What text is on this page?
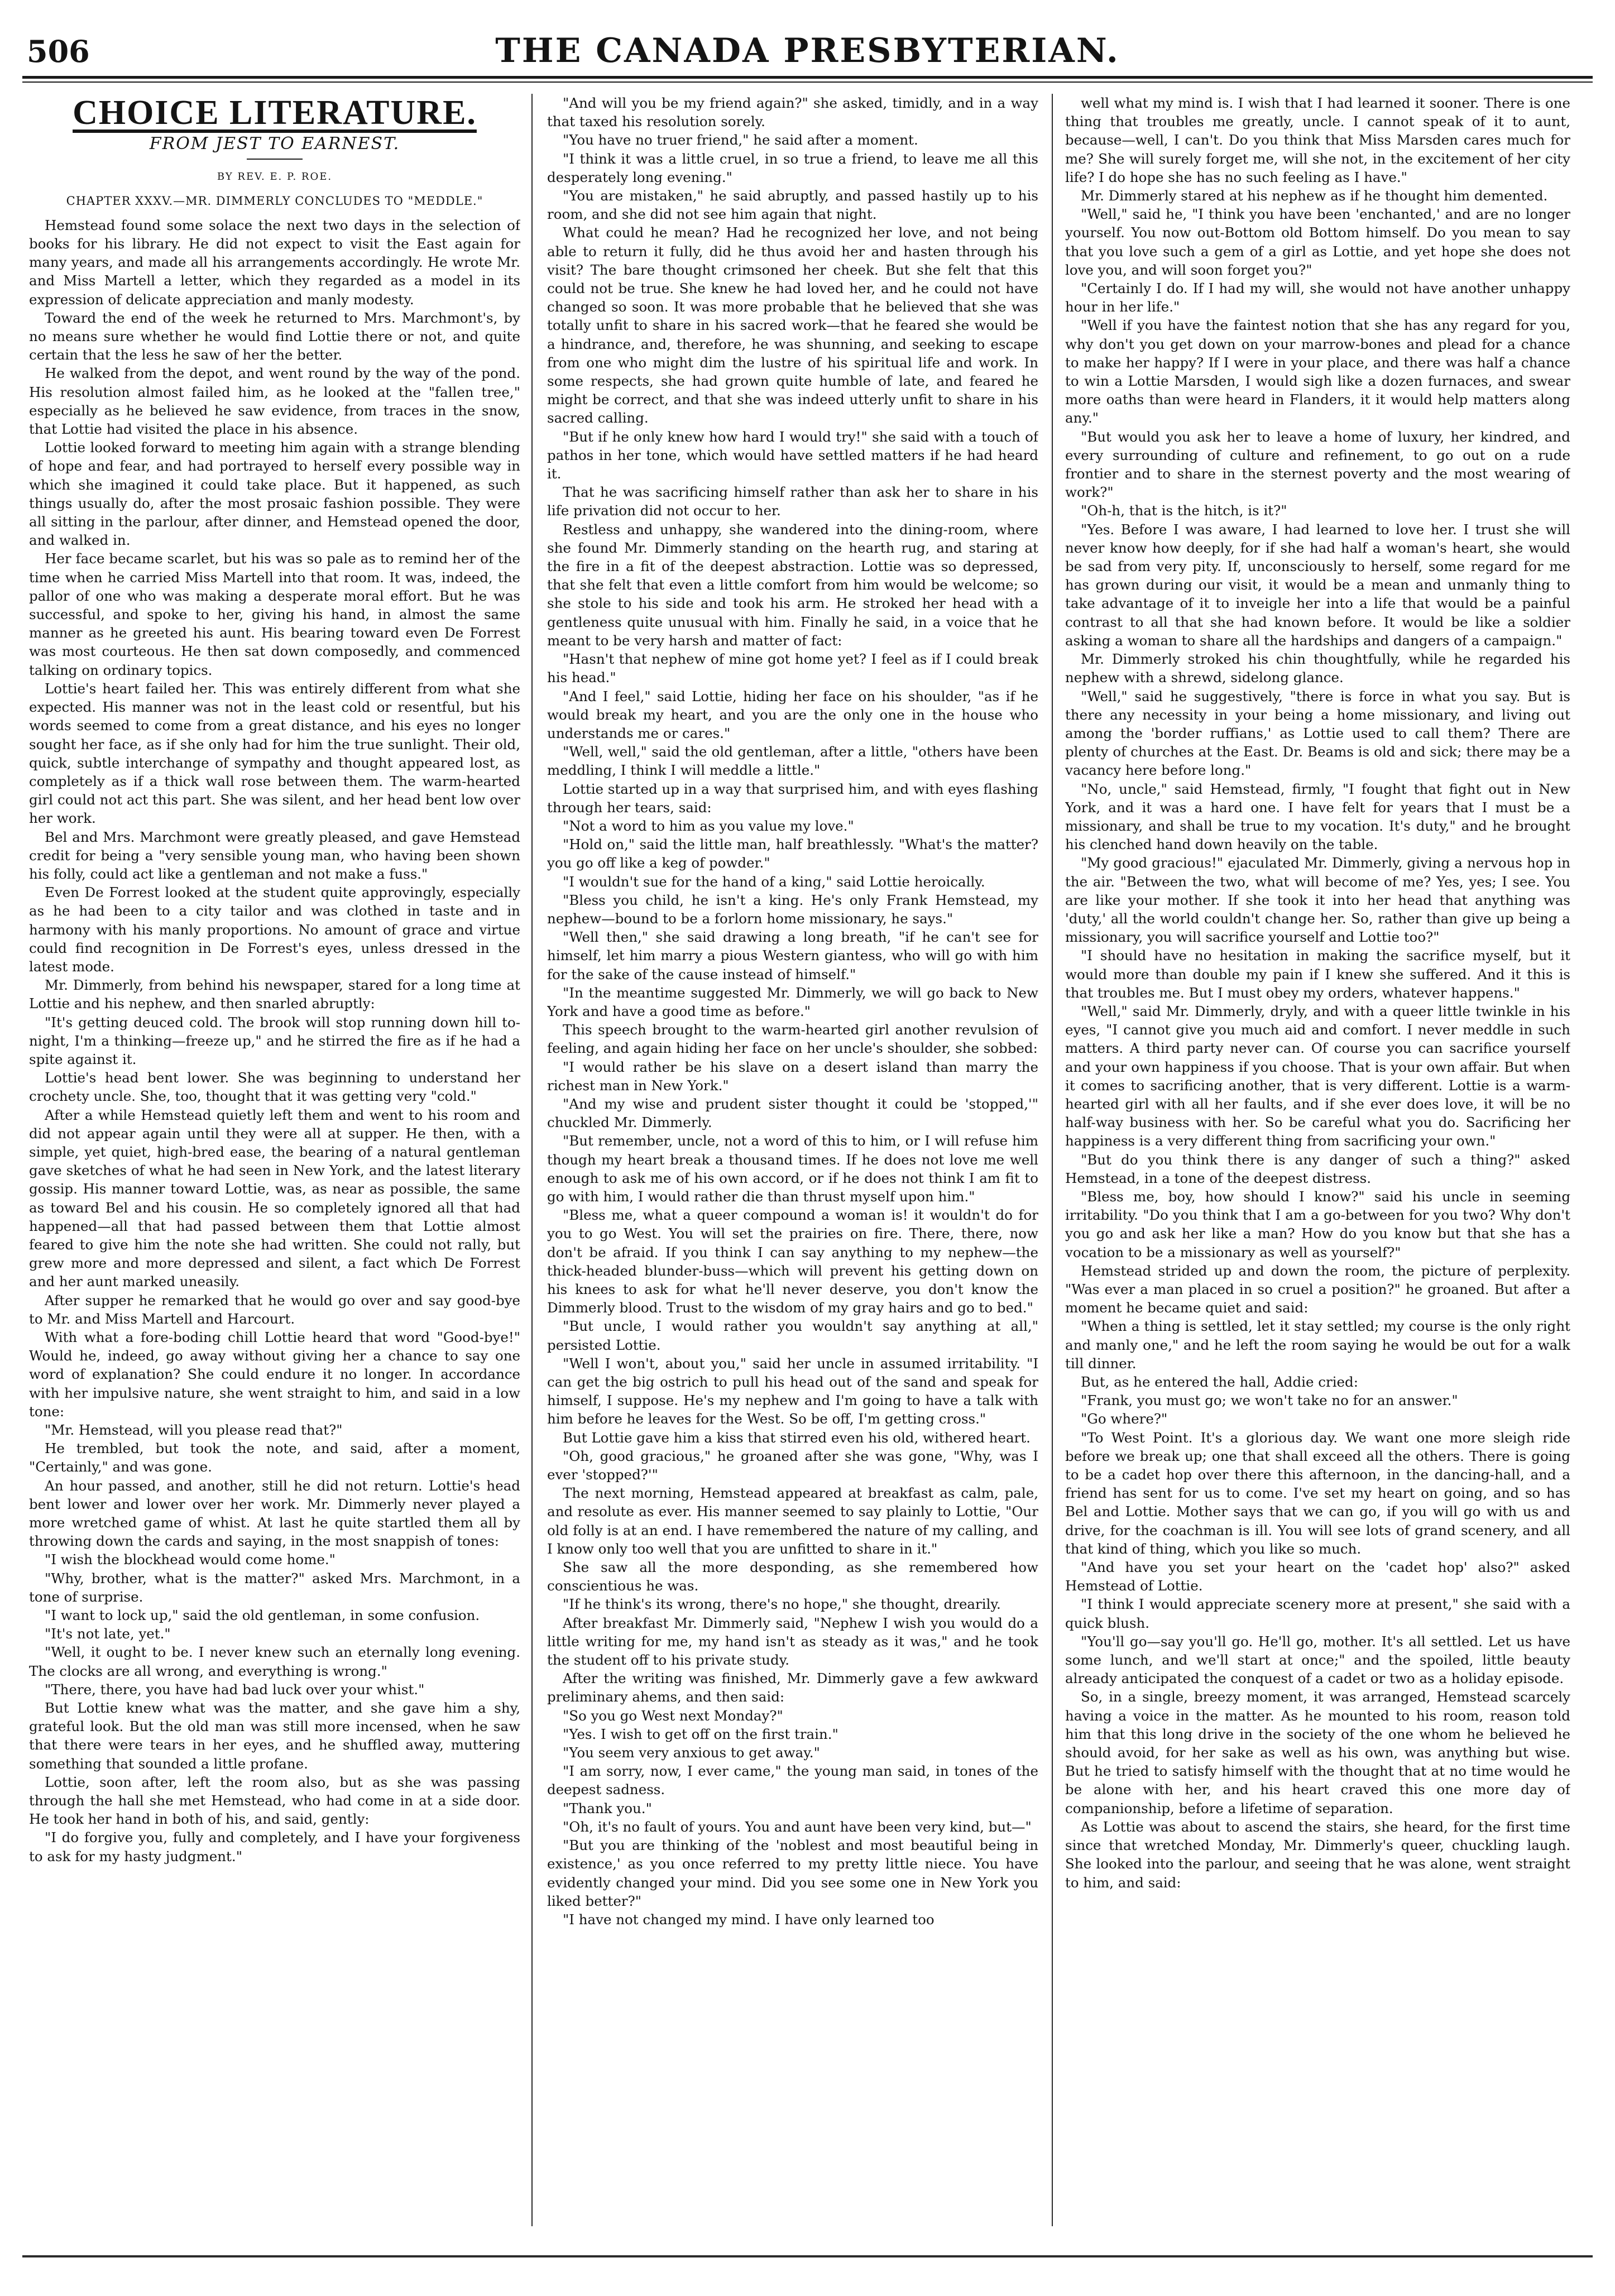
506	THE CANADA PRESBYTERIAN.
CHOICE LITERATURE.
FROM JEST TO EARNEST.
BY REV. E. P. ROE.
CHAPTER XXXV.—MR. DIMMERLY CONCLUDES TO "MEDDLE."

Hemstead found some solace the next two days in the selection of books for his library. He did not expect to visit the East again for many years, and made all his arrangements accordingly. He wrote Mr. and Miss Martell a letter, which they regarded as a model in its expression of delicate appreciation and manly modesty.

Toward the end of the week he returned to Mrs. Marchmont's, by no means sure whether he would find Lottie there or not, and quite certain that the less he saw of her the better.

He walked from the depot, and went round by the way of the pond. His resolution almost failed him, as he looked at the "fallen tree," especially as he believed he saw evidence, from traces in the snow, that Lottie had visited the place in his absence.

Lottie looked forward to meeting him again with a strange blending of hope and fear, and had portrayed to herself every possible way in which she imagined it could take place. But it happened, as such things usually do, after the most prosaic fashion possible. They were all sitting in the parlour, after dinner, and Hemstead opened the door, and walked in.

Her face became scarlet, but his was so pale as to remind her of the time when he carried Miss Martell into that room. It was, indeed, the pallor of one who was making a desperate moral effort. But he was successful, and spoke to her, giving his hand, in almost the same manner as he greeted his aunt. His bearing toward even De Forrest was most courteous. He then sat down composedly, and commenced talking on ordinary topics.

Lottie's heart failed her. This was entirely different from what she expected. His manner was not in the least cold or resentful, but his words seemed to come from a great distance, and his eyes no longer sought her face, as if she only had for him the true sunlight. Their old, quick, subtle interchange of sympathy and thought appeared lost, as completely as if a thick wall rose between them. The warm-hearted girl could not act this part. She was silent, and her head bent low over her work.

Bel and Mrs. Marchmont were greatly pleased, and gave Hemstead credit for being a "very sensible young man, who having been shown his folly, could act like a gentleman and not make a fuss."

Even De Forrest looked at the student quite approvingly, especially as he had been to a city tailor and was clothed in taste and in harmony with his manly proportions. No amount of grace and virtue could find recognition in De Forrest's eyes, unless dressed in the latest mode.

Mr. Dimmerly, from behind his newspaper, stared for a long time at Lottie and his nephew, and then snarled abruptly:

"It's getting deuced cold. The brook will stop running down hill to-night, I'm a thinking—freeze up," and he stirred the fire as if he had a spite against it.

Lottie's head bent lower. She was beginning to understand her crochety uncle. She, too, thought that it was getting very "cold."

After a while Hemstead quietly left them and went to his room and did not appear again until they were all at supper. He then, with a simple, yet quiet, high-bred ease, the bearing of a natural gentleman gave sketches of what he had seen in New York, and the latest literary gossip. His manner toward Lottie, was, as near as possible, the same as toward Bel and his cousin. He so completely ignored all that had happened—all that had passed between them that Lottie almost feared to give him the note she had written. She could not rally, but grew more and more depressed and silent, a fact which De Forrest and her aunt marked uneasily.

After supper he remarked that he would go over and say good-bye to Mr. and Miss Martell and Harcourt.

With what a fore-boding chill Lottie heard that word "Good-bye!" Would he, indeed, go away without giving her a chance to say one word of explanation? She could endure it no longer. In accordance with her impulsive nature, she went straight to him, and said in a low tone:

"Mr. Hemstead, will you please read that?"

He trembled, but took the note, and said, after a moment, "Certainly," and was gone.

An hour passed, and another, still he did not return. Lottie's head bent lower and lower over her work. Mr. Dimmerly never played a more wretched game of whist. At last he quite startled them all by throwing down the cards and saying, in the most snappish of tones:

"I wish the blockhead would come home."

"Why, brother, what is the matter?" asked Mrs. Marchmont, in a tone of surprise.

"I want to lock up," said the old gentleman, in some confusion.

"It's not late, yet."

"Well, it ought to be. I never knew such an eternally long evening. The clocks are all wrong, and everything is wrong."

"There, there, you have had bad luck over your whist."

But Lottie knew what was the matter, and she gave him a shy, grateful look. But the old man was still more incensed, when he saw that there were tears in her eyes, and he shuffled away, muttering something that sounded a little profane.

Lottie, soon after, left the room also, but as she was passing through the hall she met Hemstead, who had come in at a side door. He took her hand in both of his, and said, gently:

"I do forgive you, fully and completely, and I have your forgiveness to ask for my hasty judgment."

"And will you be my friend again?" she asked, timidly, and in a way that taxed his resolution sorely.

"You have no truer friend," he said after a moment.

"I think it was a little cruel, in so true a friend, to leave me all this desperately long evening."

"You are mistaken," he said abruptly, and passed hastily up to his room, and she did not see him again that night.

What could he mean? Had he recognized her love, and not being able to return it fully, did he thus avoid her and hasten through his visit? The bare thought crimsoned her cheek. But she felt that this could not be true. She knew he had loved her, and he could not have changed so soon. It was more probable that he believed that she was totally unfit to share in his sacred work—that he feared she would be a hindrance, and, therefore, he was shunning, and seeking to escape from one who might dim the lustre of his spiritual life and work. In some respects, she had grown quite humble of late, and feared he might be correct, and that she was indeed utterly unfit to share in his sacred calling.

"But if he only knew how hard I would try!" she said with a touch of pathos in her tone, which would have settled matters if he had heard it.

That he was sacrificing himself rather than ask her to share in his life privation did not occur to her.

Restless and unhappy, she wandered into the dining-room, where she found Mr. Dimmerly standing on the hearth rug, and staring at the fire in a fit of the deepest abstraction. Lottie was so depressed, that she felt that even a little comfort from him would be welcome; so she stole to his side and took his arm. He stroked her head with a gentleness quite unusual with him. Finally he said, in a voice that he meant to be very harsh and matter of fact:

"Hasn't that nephew of mine got home yet? I feel as if I could break his head."

"And I feel," said Lottie, hiding her face on his shoulder, "as if he would break my heart, and you are the only one in the house who understands me or cares."

"Well, well," said the old gentleman, after a little, "others have been meddling, I think I will meddle a little."

Lottie started up in a way that surprised him, and with eyes flashing through her tears, said:

"Not a word to him as you value my love."

"Hold on," said the little man, half breathlessly. "What's the matter? you go off like a keg of powder."

"I wouldn't sue for the hand of a king," said Lottie heroically.

"Bless you child, he isn't a king. He's only Frank Hemstead, my nephew—bound to be a forlorn home missionary, he says."

"Well then," she said drawing a long breath, "if he can't see for himself, let him marry a pious Western giantess, who will go with him for the sake of the cause instead of himself."

"In the meantime suggested Mr. Dimmerly, we will go back to New York and have a good time as before."

This speech brought to the warm-hearted girl another revulsion of feeling, and again hiding her face on her uncle's shoulder, she sobbed:

"I would rather be his slave on a desert island than marry the richest man in New York."

"And my wise and prudent sister thought it could be 'stopped,'" chuckled Mr. Dimmerly.

"But remember, uncle, not a word of this to him, or I will refuse him though my heart break a thousand times. If he does not love me well enough to ask me of his own accord, or if he does not think I am fit to go with him, I would rather die than thrust myself upon him."

"Bless me, what a queer compound a woman is! it wouldn't do for you to go West. You will set the prairies on fire. There, there, now don't be afraid. If you think I can say anything to my nephew—the thick-headed blunder-buss—which will prevent his getting down on his knees to ask for what he'll never deserve, you don't know the Dimmerly blood. Trust to the wisdom of my gray hairs and go to bed."

"But uncle, I would rather you wouldn't say anything at all," persisted Lottie.

"Well I won't, about you," said her uncle in assumed irritability. "I can get the big ostrich to pull his head out of the sand and speak for himself, I suppose. He's my nephew and I'm going to have a talk with him before he leaves for the West. So be off, I'm getting cross."

But Lottie gave him a kiss that stirred even his old, withered heart.

"Oh, good gracious," he groaned after she was gone, "Why, was I ever 'stopped?'"

The next morning, Hemstead appeared at breakfast as calm, pale, and resolute as ever. His manner seemed to say plainly to Lottie, "Our old folly is at an end. I have remembered the nature of my calling, and I know only too well that you are unfitted to share in it."

She saw all the more desponding, as she remembered how conscientious he was.

"If he think's its wrong, there's no hope," she thought, drearily.

After breakfast Mr. Dimmerly said, "Nephew I wish you would do a little writing for me, my hand isn't as steady as it was," and he took the student off to his private study.

After the writing was finished, Mr. Dimmerly gave a few awkward preliminary ahems, and then said:

"So you go West next Monday?"

"Yes. I wish to get off on the first train."

"You seem very anxious to get away."

"I am sorry, now, I ever came," the young man said, in tones of the deepest sadness.

"Thank you."

"Oh, it's no fault of yours. You and aunt have been very kind, but—"

"But you are thinking of the 'noblest and most beautiful being in existence,' as you once referred to my pretty little niece. You have evidently changed your mind. Did you see some one in New York you liked better?"

"I have not changed my mind. I have only learned too

well what my mind is. I wish that I had learned it sooner. There is one thing that troubles me greatly, uncle. I cannot speak of it to aunt, because—well, I can't. Do you think that Miss Marsden cares much for me? She will surely forget me, will she not, in the excitement of her city life? I do hope she has no such feeling as I have."

Mr. Dimmerly stared at his nephew as if he thought him demented.

"Well," said he, "I think you have been 'enchanted,' and are no longer yourself. You now out-Bottom old Bottom himself. Do you mean to say that you love such a gem of a girl as Lottie, and yet hope she does not love you, and will soon forget you?"

"Certainly I do. If I had my will, she would not have another unhappy hour in her life."

"Well if you have the faintest notion that she has any regard for you, why don't you get down on your marrow-bones and plead for a chance to make her happy? If I were in your place, and there was half a chance to win a Lottie Marsden, I would sigh like a dozen furnaces, and swear more oaths than were heard in Flanders, it it would help matters along any."

"But would you ask her to leave a home of luxury, her kindred, and every surrounding of culture and refinement, to go out on a rude frontier and to share in the sternest poverty and the most wearing of work?"

"Oh-h, that is the hitch, is it?"

"Yes. Before I was aware, I had learned to love her. I trust she will never know how deeply, for if she had half a woman's heart, she would be sad from very pity. If, unconsciously to herself, some regard for me has grown during our visit, it would be a mean and unmanly thing to take advantage of it to inveigle her into a life that would be a painful contrast to all that she had known before. It would be like a soldier asking a woman to share all the hardships and dangers of a campaign."

Mr. Dimmerly stroked his chin thoughtfully, while he regarded his nephew with a shrewd, sidelong glance.

"Well," said he suggestively, "there is force in what you say. But is there any necessity in your being a home missionary, and living out among the 'border ruffians,' as Lottie used to call them? There are plenty of churches at the East. Dr. Beams is old and sick; there may be a vacancy here before long."

"No, uncle," said Hemstead, firmly, "I fought that fight out in New York, and it was a hard one. I have felt for years that I must be a missionary, and shall be true to my vocation. It's duty," and he brought his clenched hand down heavily on the table.

"My good gracious!" ejaculated Mr. Dimmerly, giving a nervous hop in the air. "Between the two, what will become of me? Yes, yes; I see. You are like your mother. If she took it into her head that anything was 'duty,' all the world couldn't change her. So, rather than give up being a missionary, you will sacrifice yourself and Lottie too?"

"I should have no hesitation in making the sacrifice myself, but it would more than double my pain if I knew she suffered. And it this is that troubles me. But I must obey my orders, whatever happens."

"Well," said Mr. Dimmerly, dryly, and with a queer little twinkle in his eyes, "I cannot give you much aid and comfort. I never meddle in such matters. A third party never can. Of course you can sacrifice yourself and your own happiness if you choose. That is your own affair. But when it comes to sacrificing another, that is very different. Lottie is a warm-hearted girl with all her faults, and if she ever does love, it will be no half-way business with her. So be careful what you do. Sacrificing her happiness is a very different thing from sacrificing your own."

"But do you think there is any danger of such a thing?" asked Hemstead, in a tone of the deepest distress.

"Bless me, boy, how should I know?" said his uncle in seeming irritability. "Do you think that I am a go-between for you two? Why don't you go and ask her like a man? How do you know but that she has a vocation to be a missionary as well as yourself?"

Hemstead strided up and down the room, the picture of perplexity. "Was ever a man placed in so cruel a position?" he groaned. But after a moment he became quiet and said:

"When a thing is settled, let it stay settled; my course is the only right and manly one," and he left the room saying he would be out for a walk till dinner.

But, as he entered the hall, Addie cried:

"Frank, you must go; we won't take no for an answer."

"Go where?"

"To West Point. It's a glorious day. We want one more sleigh ride before we break up; one that shall exceed all the others. There is going to be a cadet hop over there this afternoon, in the dancing-hall, and a friend has sent for us to come. I've set my heart on going, and so has Bel and Lottie. Mother says that we can go, if you will go with us and drive, for the coachman is ill. You will see lots of grand scenery, and all that kind of thing, which you like so much.

"And have you set your heart on the 'cadet hop' also?" asked Hemstead of Lottie.

"I think I would appreciate scenery more at present," she said with a quick blush.

"You'll go—say you'll go. He'll go, mother. It's all settled. Let us have some lunch, and we'll start at once;" and the spoiled, little beauty already anticipated the conquest of a cadet or two as a holiday episode.

So, in a single, breezy moment, it was arranged, Hemstead scarcely having a voice in the matter. As he mounted to his room, reason told him that this long drive in the society of the one whom he believed he should avoid, for her sake as well as his own, was anything but wise. But he tried to satisfy himself with the thought that at no time would he be alone with her, and his heart craved this one more day of companionship, before a lifetime of separation.

As Lottie was about to ascend the stairs, she heard, for the first time since that wretched Monday, Mr. Dimmerly's queer, chuckling laugh. She looked into the parlour, and seeing that he was alone, went straight to him, and said:
